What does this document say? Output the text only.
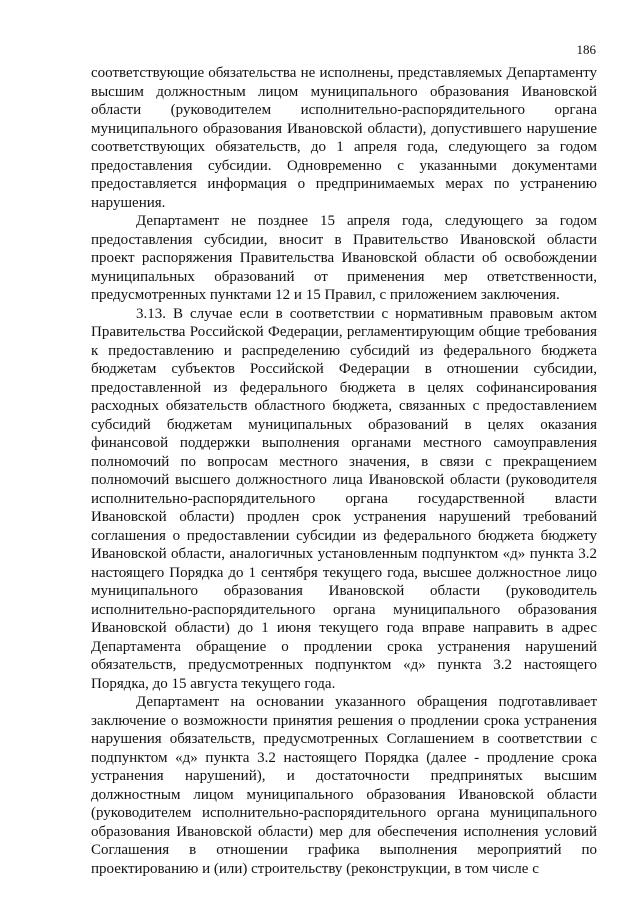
186

соответствующие обязательства не исполнены, представляемых Департаменту высшим должностным лицом муниципального образования Ивановской области (руководителем исполнительно-распорядительного органа муниципального образования Ивановской области), допустившего нарушение соответствующих обязательств, до 1 апреля года, следующего за годом предоставления субсидии. Одновременно с указанными документами предоставляется информация о предпринимаемых мерах по устранению нарушения.

Департамент не позднее 15 апреля года, следующего за годом предоставления субсидии, вносит в Правительство Ивановской области проект распоряжения Правительства Ивановской области об освобождении муниципальных образований от применения мер ответственности, предусмотренных пунктами 12 и 15 Правил, с приложением заключения.

3.13. В случае если в соответствии с нормативным правовым актом Правительства Российской Федерации, регламентирующим общие требования к предоставлению и распределению субсидий из федерального бюджета бюджетам субъектов Российской Федерации в отношении субсидии, предоставленной из федерального бюджета в целях софинансирования расходных обязательств областного бюджета, связанных с предоставлением субсидий бюджетам муниципальных образований в целях оказания финансовой поддержки выполнения органами местного самоуправления полномочий по вопросам местного значения, в связи с прекращением полномочий высшего должностного лица Ивановской области (руководителя исполнительно-распорядительного органа государственной власти Ивановской области) продлен срок устранения нарушений требований соглашения о предоставлении субсидии из федерального бюджета бюджету Ивановской области, аналогичных установленным подпунктом «д» пункта 3.2 настоящего Порядка до 1 сентября текущего года, высшее должностное лицо муниципального образования Ивановской области (руководитель исполнительно-распорядительного органа муниципального образования Ивановской области) до 1 июня текущего года вправе направить в адрес Департамента обращение о продлении срока устранения нарушений обязательств, предусмотренных подпунктом «д» пункта 3.2 настоящего Порядка, до 15 августа текущего года.

Департамент на основании указанного обращения подготавливает заключение о возможности принятия решения о продлении срока устранения нарушения обязательств, предусмотренных Соглашением в соответствии с подпунктом «д» пункта 3.2 настоящего Порядка (далее - продление срока устранения нарушений), и достаточности предпринятых высшим должностным лицом муниципального образования Ивановской области (руководителем исполнительно-распорядительного органа муниципального образования Ивановской области) мер для обеспечения исполнения условий Соглашения в отношении графика выполнения мероприятий по проектированию и (или) строительству (реконструкции, в том числе с
